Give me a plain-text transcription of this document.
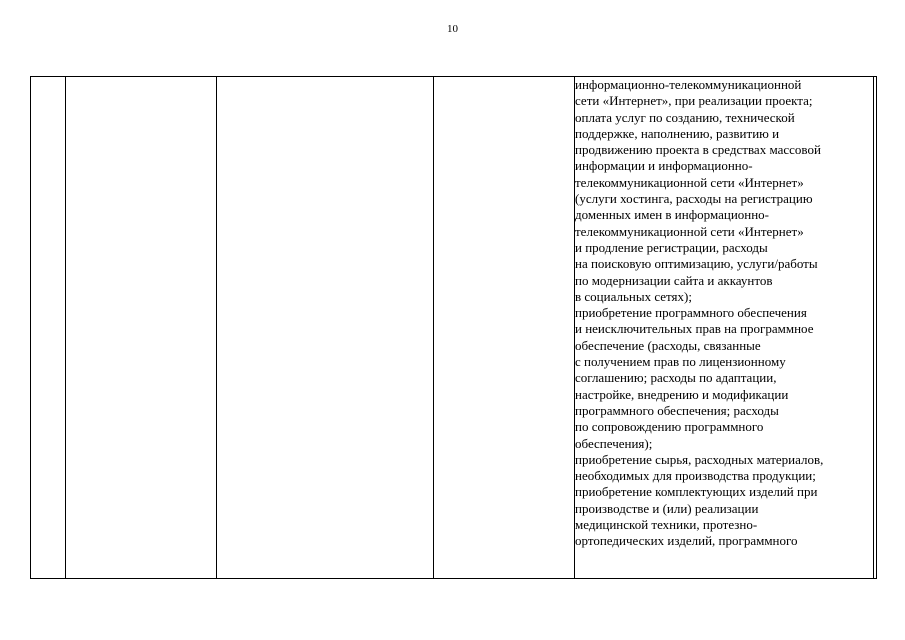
10

информационно-телекоммуникационной
сети «Интернет», при реализации проекта;
оплата услуг по созданию, технической
поддержке, наполнению, развитию и
продвижению проекта в средствах массовой
информации и информационно-
телекоммуникационной сети «Интернет»
(услуги хостинга, расходы на регистрацию
доменных имен в информационно-
телекоммуникационной сети «Интернет»
и продление регистрации, расходы
на поисковую оптимизацию, услуги/работы
по модернизации сайта и аккаунтов
в социальных сетях);
приобретение программного обеспечения
и неисключительных прав на программное
обеспечение (расходы, связанные
с получением прав по лицензионному
соглашению; расходы по адаптации,
настройке, внедрению и модификации
программного обеспечения; расходы
по сопровождению программного
обеспечения);
приобретение сырья, расходных материалов,
необходимых для производства продукции;
приобретение комплектующих изделий при
производстве и (или) реализации
медицинской техники, протезно-
ортопедических изделий, программного
